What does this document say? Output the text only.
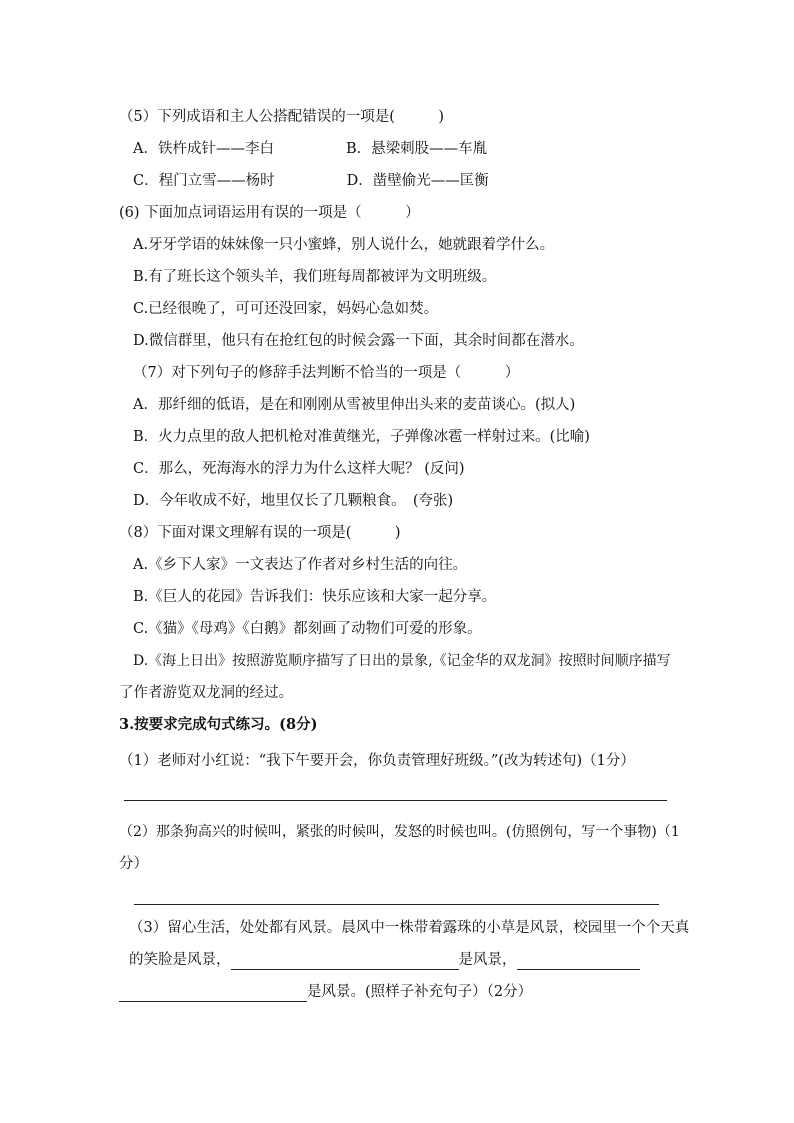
（5）下列成语和主人公搭配错误的一项是(　　　)
A．铁杵成针——李白	B．悬梁刺股——车胤
C．程门立雪——杨时	D．凿壁偷光——匡衡
(6) 下面加点词语运用有误的一项是（　　　）
A.牙牙学语的妹妹像一只小蜜蜂，别人说什么，她就跟着学什么。
B.有了班长这个领头羊，我们班每周都被评为文明班级。
C.已经很晚了，可可还没回家，妈妈心急如焚。
D.微信群里，他只有在抢红包的时候会露一下面，其余时间都在潜水。
（7）对下列句子的修辞手法判断不恰当的一项是（　　　）
A．那纤细的低语，是在和刚刚从雪被里伸出头来的麦苗谈心。(拟人)
B．火力点里的敌人把机枪对准黄继光，子弹像冰雹一样射过来。(比喻)
C．那么，死海海水的浮力为什么这样大呢？ (反问)
D．今年收成不好，地里仅长了几颗粮食。　(夸张)
（8）下面对课文理解有误的一项是(　　　)
A.《乡下人家》一文表达了作者对乡村生活的向往。
B.《巨人的花园》告诉我们：快乐应该和大家一起分享。
C.《猫》《母鸡》《白鹅》都刻画了动物们可爱的形象。
D.《海上日出》按照游览顺序描写了日出的景象,《记金华的双龙洞》按照时间顺序描写
了作者游览双龙洞的经过。
3.按要求完成句式练习。(8分)
（1）老师对小红说：“我下午要开会，你负责管理好班级。”(改为转述句)（1分）
（2）那条狗高兴的时候叫，紧张的时候叫，发怒的时候也叫。(仿照例句，写一个事物)（1
分）
（3）留心生活，处处都有风景。晨风中一株带着露珠的小草是风景，校园里一个个天真
的笑脸是风景，	是风景，
是风景。(照样子补充句子）（2分）
